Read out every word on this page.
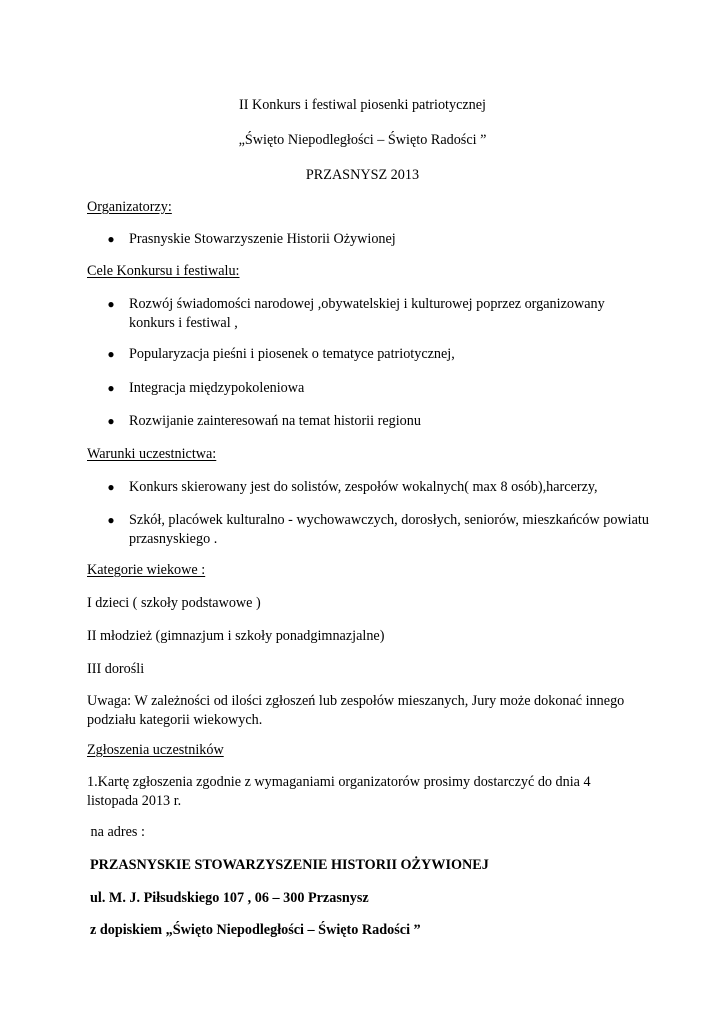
II Konkurs i festiwal piosenki patriotycznej
„Święto Niepodległości – Święto Radości ”
PRZASNYSZ 2013
Organizatorzy:
● Prasnyskie Stowarzyszenie Historii Ożywionej
Cele Konkursu i festiwalu:
● Rozwój świadomości narodowej ,obywatelskiej i kulturowej poprzez organizowany konkurs i festiwal ,
● Popularyzacja pieśni i piosenek o tematyce patriotycznej,
● Integracja międzypokoleniowa
● Rozwijanie zainteresowań na temat historii regionu
Warunki uczestnictwa:
● Konkurs skierowany jest do solistów, zespołów wokalnych( max 8 osób),harcerzy,
● Szkół, placówek kulturalno - wychowawczych, dorosłych, seniorów, mieszkańców powiatu przasnyskiego .
Kategorie wiekowe :
I dzieci ( szkoły podstawowe )
II młodzież (gimnazjum i szkoły ponadgimnazjalne)
III dorośli
Uwaga: W zależności od ilości zgłoszeń lub zespołów mieszanych, Jury może dokonać innego podziału kategorii wiekowych.
Zgłoszenia uczestników
1.Kartę zgłoszenia zgodnie z wymaganiami organizatorów prosimy dostarczyć do dnia 4 listopada 2013 r.
na adres :
PRZASNYSKIE STOWARZYSZENIE HISTORII OŻYWIONEJ
ul. M. J. Piłsudskiego 107 , 06 – 300 Przasnysz
z dopiskiem „Święto Niepodległości – Święto Radości ”
